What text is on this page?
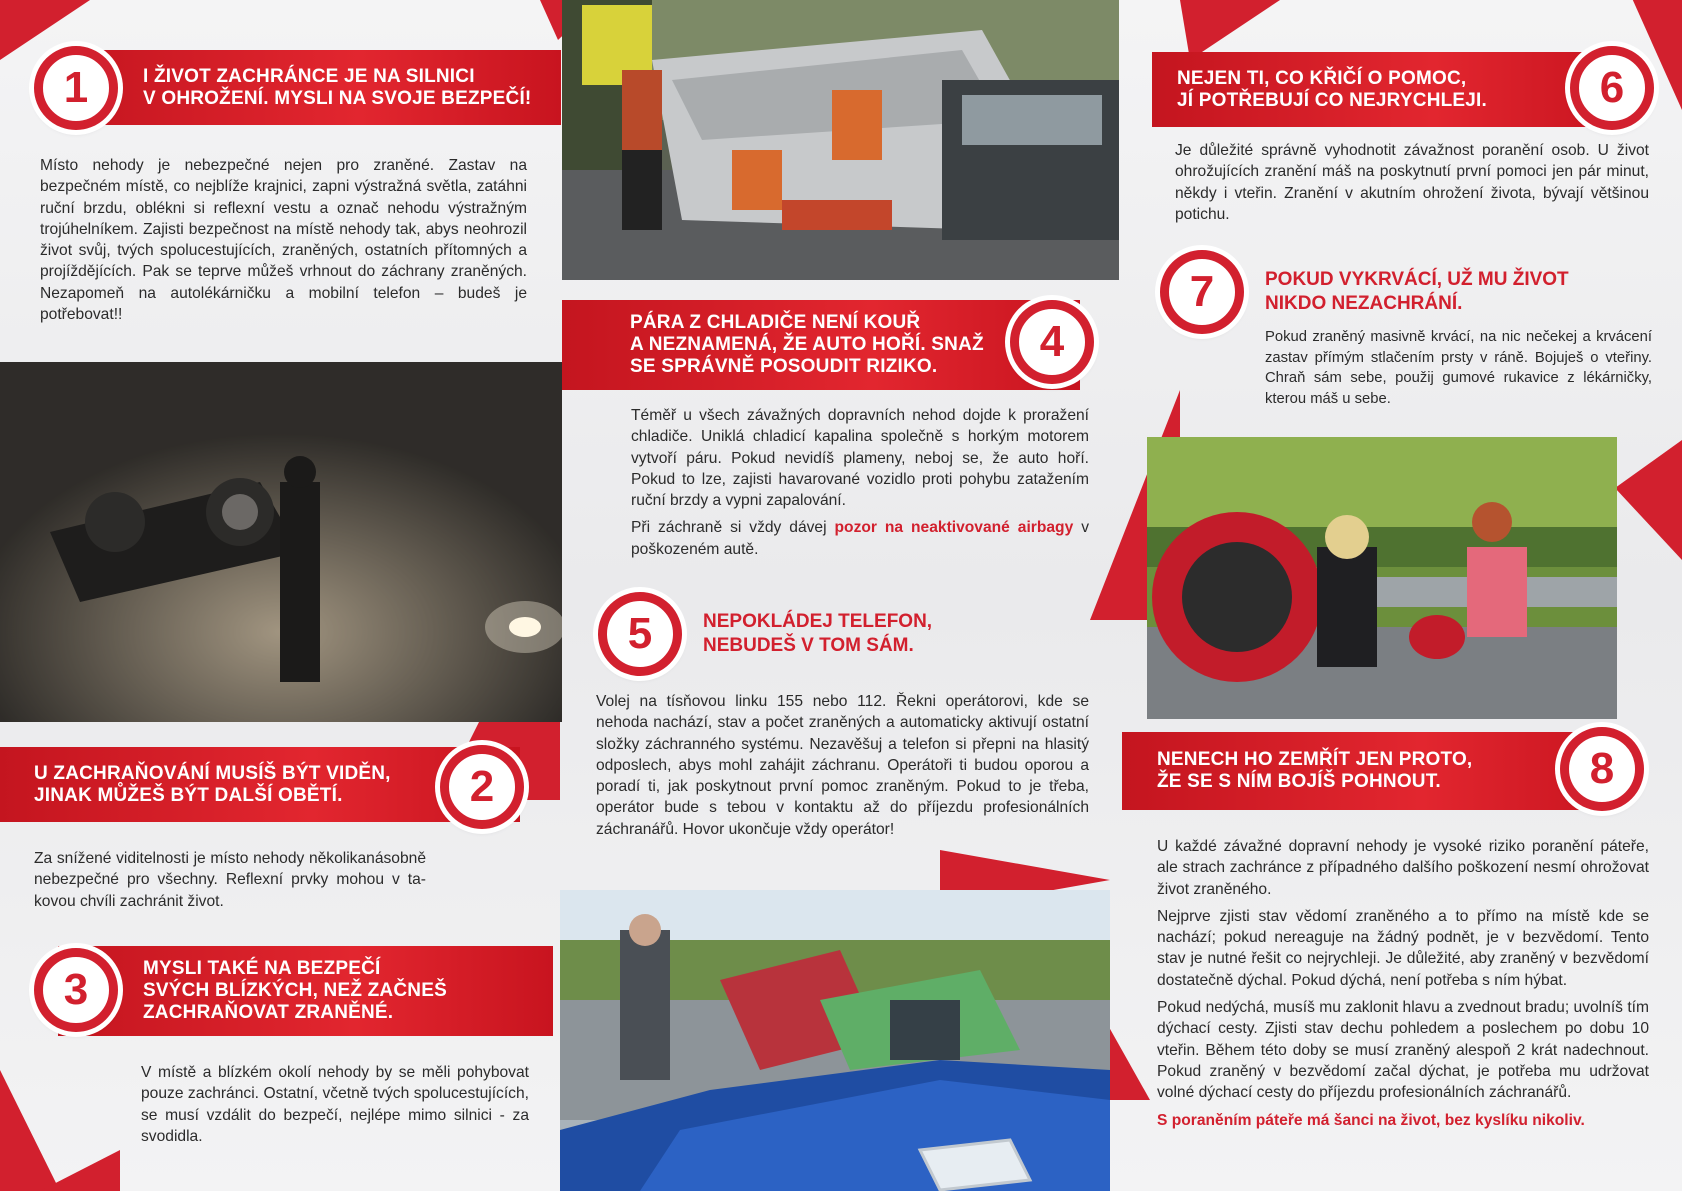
I ŽIVOT ZACHRÁNCE JE NA SILNICI
V OHROŽENÍ. MYSLI NA SVOJE BEZPEČÍ!
1

Místo nehody je nebezpečné nejen pro zraněné. Zastav na bezpečném místě, co nejblíže krajnici, zapni výstražná světla, zatáhni ruční brzdu, oblékni si reflexní vestu a označ nehodu výstražným trojúhelníkem. Zajisti bezpečnost na místě nehody tak, abys neohrozil život svůj, tvých spolucestujících, zraněných, ostatních přítomných a projíždějících. Pak se teprve můžeš vrhnout do záchrany zraněných. Nezapomeň na autolékárničku a mobilní telefon – budeš je potřebovat!!

U ZACHRAŇOVÁNÍ MUSÍŠ BÝT VIDĚN,
JINAK MŮŽEŠ BÝT DALŠÍ OBĚTÍ.	2

Za snížené viditelnosti je místo nehody několikanásobně nebezpečné pro všechny. Reflexní prvky mohou v ta-kovou chvíli zachránit život.

MYSLI TAKÉ NA BEZPEČÍ
SVÝCH BLÍZKÝCH, NEŽ ZAČNEŠ
ZACHRAŇOVAT ZRANĚNÉ.
3

V místě a blízkém okolí nehody by se měli pohybovat pouze zachránci. Ostatní, včetně tvých spolucestujících, se musí vzdálit do bezpečí, nejlépe mimo silnici - za svodidla.

PÁRA Z CHLADIČE NENÍ KOUŘ
A NEZNAMENÁ, ŽE AUTO HOŘÍ. SNAŽ
SE SPRÁVNĚ POSOUDIT RIZIKO.
4

Téměř u všech závažných dopravních nehod dojde k proražení chladiče. Uniklá chladicí kapalina společně s horkým motorem vytvoří páru. Pokud nevidíš plameny, neboj se, že auto hoří. Pokud to lze, zajisti havarované vozidlo proti pohybu zatažením ruční brzdy a vypni zapalování.

Při záchraně si vždy dávej pozor na neaktivované airbagy v poškozeném autě.

5	NEPOKLÁDEJ TELEFON,
NEBUDEŠ V TOM SÁM.

Volej na tísňovou linku 155 nebo 112. Řekni operátorovi, kde se nehoda nachází, stav a počet zraněných a automaticky aktivují ostatní složky záchranného systému. Nezavěšuj a telefon si přepni na hlasitý odposlech, abys mohl zahájit záchranu. Operátoři ti budou oporou a poradí ti, jak poskytnout první pomoc zraněným. Pokud to je třeba, operátor bude s tebou v kontaktu až do příjezdu profesionálních záchranářů. Hovor ukončuje vždy operátor!

NEJEN TI, CO KŘIČÍ O POMOC,
JÍ POTŘEBUJÍ CO NEJRYCHLEJI.	6

Je důležité správně vyhodnotit závažnost poranění osob. U život ohrožujících zranění máš na poskytnutí první pomoci jen pár minut, někdy i vteřin. Zranění v akutním ohrožení života, bývají většinou potichu.

7	POKUD VYKRVÁCÍ, UŽ MU ŽIVOT
NIKDO NEZACHRÁNÍ.

Pokud zraněný masivně krvácí, na nic nečekej a krvácení zastav přímým stlačením prsty v ráně. Bojuješ o vteřiny. Chraň sám sebe, použij gumové rukavice z lékárničky, kterou máš u sebe.

NENECH HO ZEMŘÍT JEN PROTO,
ŽE SE S NÍM BOJÍŠ POHNOUT.	8

U každé závažné dopravní nehody je vysoké riziko poranění páteře, ale strach zachránce z případného dalšího poškození nesmí ohrožovat život zraněného.

Nejprve zjisti stav vědomí zraněného a to přímo na místě kde se nachází; pokud nereaguje na žádný podnět, je v bezvědomí. Tento stav je nutné řešit co nejrychleji. Je důležité, aby zraněný v bezvědomí dostatečně dýchal. Pokud dýchá, není potřeba s ním hýbat.

Pokud nedýchá, musíš mu zaklonit hlavu a zvednout bradu; uvolníš tím dýchací cesty. Zjisti stav dechu pohledem a poslechem po dobu 10 vteřin. Během této doby se musí zraněný alespoň 2 krát nadechnout. Pokud zraněný v bezvědomí začal dýchat, je potřeba mu udržovat volné dýchací cesty do příjezdu profesionálních záchranářů.

S poraněním páteře má šanci na život, bez kyslíku nikoliv.
